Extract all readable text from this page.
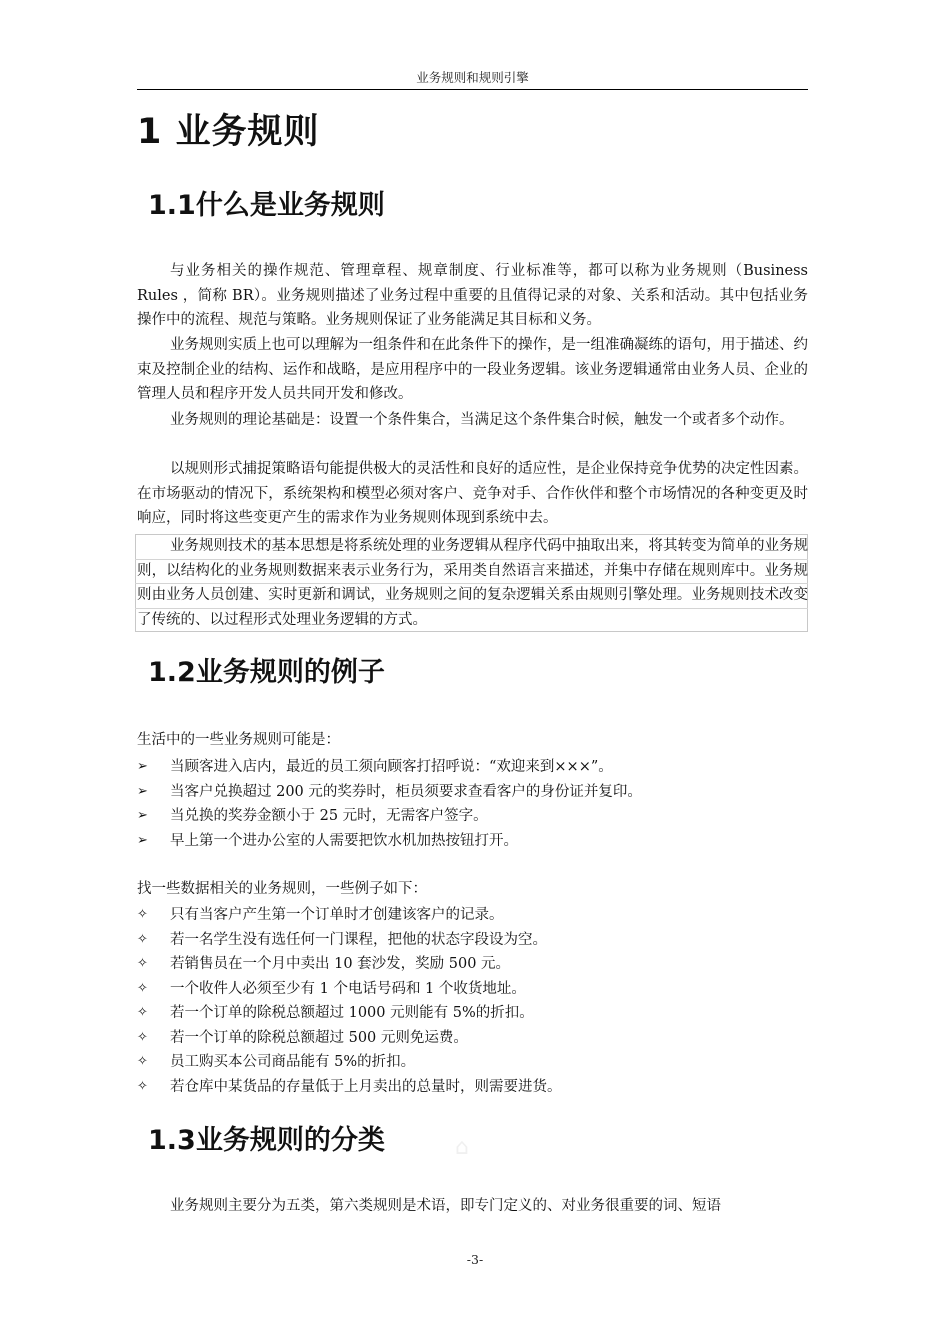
业务规则和规则引擎
1 业务规则
1.1什么是业务规则

与业务相关的操作规范、管理章程、规章制度、行业标准等，都可以称为业务规则（Business Rules ，简称 BR）。业务规则描述了业务过程中重要的且值得记录的对象、关系和活动。其中包括业务操作中的流程、规范与策略。业务规则保证了业务能满足其目标和义务。

业务规则实质上也可以理解为一组条件和在此条件下的操作，是一组准确凝练的语句，用于描述、约束及控制企业的结构、运作和战略，是应用程序中的一段业务逻辑。该业务逻辑通常由业务人员、企业的管理人员和程序开发人员共同开发和修改。

业务规则的理论基础是：设置一个条件集合，当满足这个条件集合时候，触发一个或者多个动作。

以规则形式捕捉策略语句能提供极大的灵活性和良好的适应性，是企业保持竞争优势的决定性因素。在市场驱动的情况下，系统架构和模型必须对客户、竞争对手、合作伙伴和整个市场情况的各种变更及时响应，同时将这些变更产生的需求作为业务规则体现到系统中去。

业务规则技术的基本思想是将系统处理的业务逻辑从程序代码中抽取出来，将其转变为简单的业务规则，以结构化的业务规则数据来表示业务行为，采用类自然语言来描述，并集中存储在规则库中。业务规则由业务人员创建、实时更新和调试，业务规则之间的复杂逻辑关系由规则引擎处理。业务规则技术改变了传统的、以过程形式处理业务逻辑的方式。

1.2业务规则的例子

生活中的一些业务规则可能是：

➢	当顾客进入店内，最近的员工须向顾客打招呼说：“欢迎来到×××”。
➢	当客户兑换超过 200 元的奖券时，柜员须要求查看客户的身份证并复印。
➢	当兑换的奖券金额小于 25 元时，无需客户签字。
➢	早上第一个进办公室的人需要把饮水机加热按钮打开。

找一些数据相关的业务规则，一些例子如下：

✧	只有当客户产生第一个订单时才创建该客户的记录。
✧	若一名学生没有选任何一门课程，把他的状态字段设为空。
✧	若销售员在一个月中卖出 10 套沙发，奖励 500 元。
✧	一个收件人必须至少有 1 个电话号码和 1 个收货地址。
✧	若一个订单的除税总额超过 1000 元则能有 5%的折扣。
✧	若一个订单的除税总额超过 500 元则免运费。
✧	员工购买本公司商品能有 5%的折扣。
✧	若仓库中某货品的存量低于上月卖出的总量时，则需要进货。
1.3业务规则的分类	⌂

业务规则主要分为五类，第六类规则是术语，即专门定义的、对业务很重要的词、短语

-3-
